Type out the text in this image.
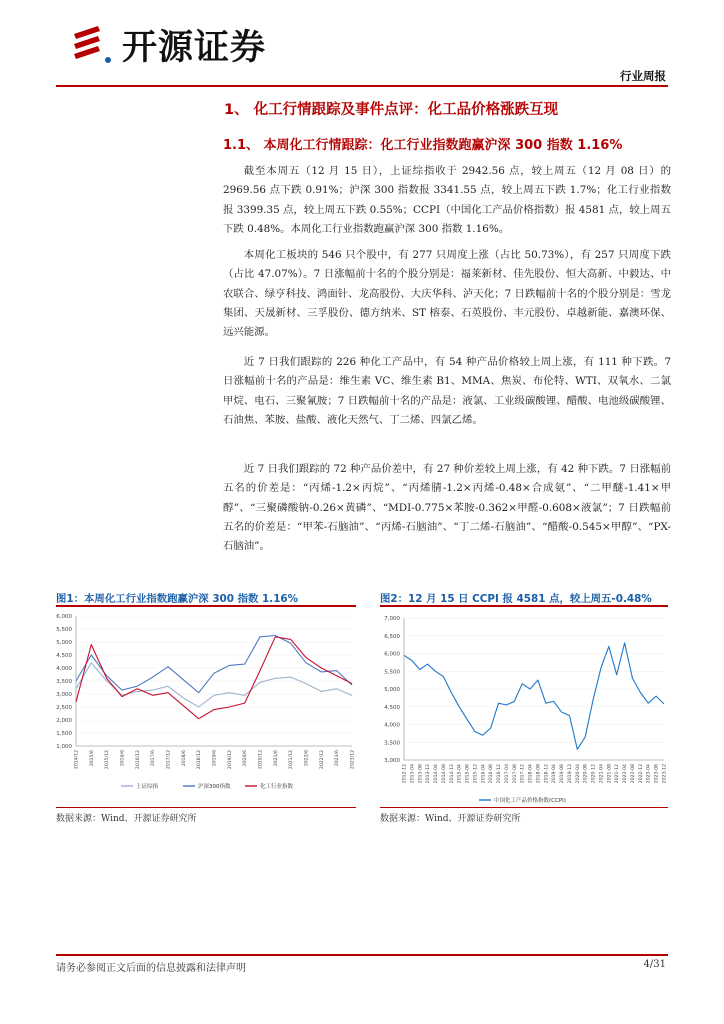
开源证券
行业周报
1、 化工行情跟踪及事件点评：化工品价格涨跌互现
1.1、 本周化工行情跟踪：化工行业指数跑赢沪深 300 指数 1.16%

截至本周五（12 月 15 日），上证综指收于 2942.56 点，较上周五（12 月 08 日）的 2969.56 点下跌 0.91%；沪深 300 指数报 3341.55 点，较上周五下跌 1.7%；化工行业指数报 3399.35 点，较上周五下跌 0.55%；CCPI（中国化工产品价格指数）报 4581 点，较上周五下跌 0.48%。本周化工行业指数跑赢沪深 300 指数 1.16%。

本周化工板块的 546 只个股中，有 277 只周度上涨（占比 50.73%），有 257 只周度下跌（占比 47.07%）。7 日涨幅前十名的个股分别是：福莱新材、佳先股份、恒大高新、中毅达、中农联合、绿亨科技、鸿面针、龙高股份、大庆华科、泸天化；7 日跌幅前十名的个股分别是：雪龙集团、天晟新材、三孚股份、德方纳米、ST 榕泰、石英股份、丰元股份、卓越新能、嘉澳环保、远兴能源。

近 7 日我们跟踪的 226 种化工产品中，有 54 种产品价格较上周上涨，有 111 种下跌。7 日涨幅前十名的产品是：维生素 VC、维生素 B1、MMA、焦炭、布伦特、WTI、双氧水、二氯甲烷、电石、三聚氰胺；7 日跌幅前十名的产品是：液氯、工业级碳酸锂、醋酸、电池级碳酸锂、石油焦、苯胺、盐酸、液化天然气、丁二烯、四氯乙烯。

近 7 日我们跟踪的 72 种产品价差中，有 27 种价差较上周上涨，有 42 种下跌。7 日涨幅前五名的价差是：“丙烯-1.2×丙烷”、“丙烯腈-1.2×丙烯-0.48×合成氨”、“二甲醚-1.41×甲醇”、“三聚磷酸钠-0.26×黄磷”、“MDI-0.775×苯胺-0.362×甲醛-0.608×液氯”；7 日跌幅前五名的价差是：“甲苯-石脑油”、“丙烯-石脑油”、“丁二烯-石脑油”、“醋酸-0.545×甲醇”、“PX-石脑油”。

图1：本周化工行业指数跑赢沪深 300 指数 1.16%
6,000
5,500
5,000
4,500
4,000
3,500
3,000
2,500
2,000
1,500
1,000
2014/12 2015/6 2015/12 2016/6 2016/12 2017/6 2017/12 2018/6 2018/12 2019/6 2019/12 2020/6 2020/12 2021/6 2021/12 2022/6 2022/12 2023/6 2023/12
上证综指	沪深300指数	化工行业指数
数据来源：Wind、开源证券研究所
图2：12 月 15 日 CCPI 报 4581 点，较上周五-0.48%
7,000
6,500
6,000
5,500
5,000
4,500
4,000
3,500
3,000
2012-12 2013-04 2013-08 2013-12 2014-04 2014-08 2014-12 2015-04 2015-08 2015-12 2016-04 2016-08 2016-12 2017-04 2017-08 2017-12 2018-04 2018-08 2018-12 2019-04 2019-08 2019-12 2020-04 2020-08 2020-12 2021-04 2021-08 2021-12 2022-04 2022-08 2022-12 2023-04 2023-08 2023-12
中国化工产品价格指数(CCPI)
数据来源：Wind、开源证券研究所
请务必参阅正文后面的信息披露和法律声明	4/31
